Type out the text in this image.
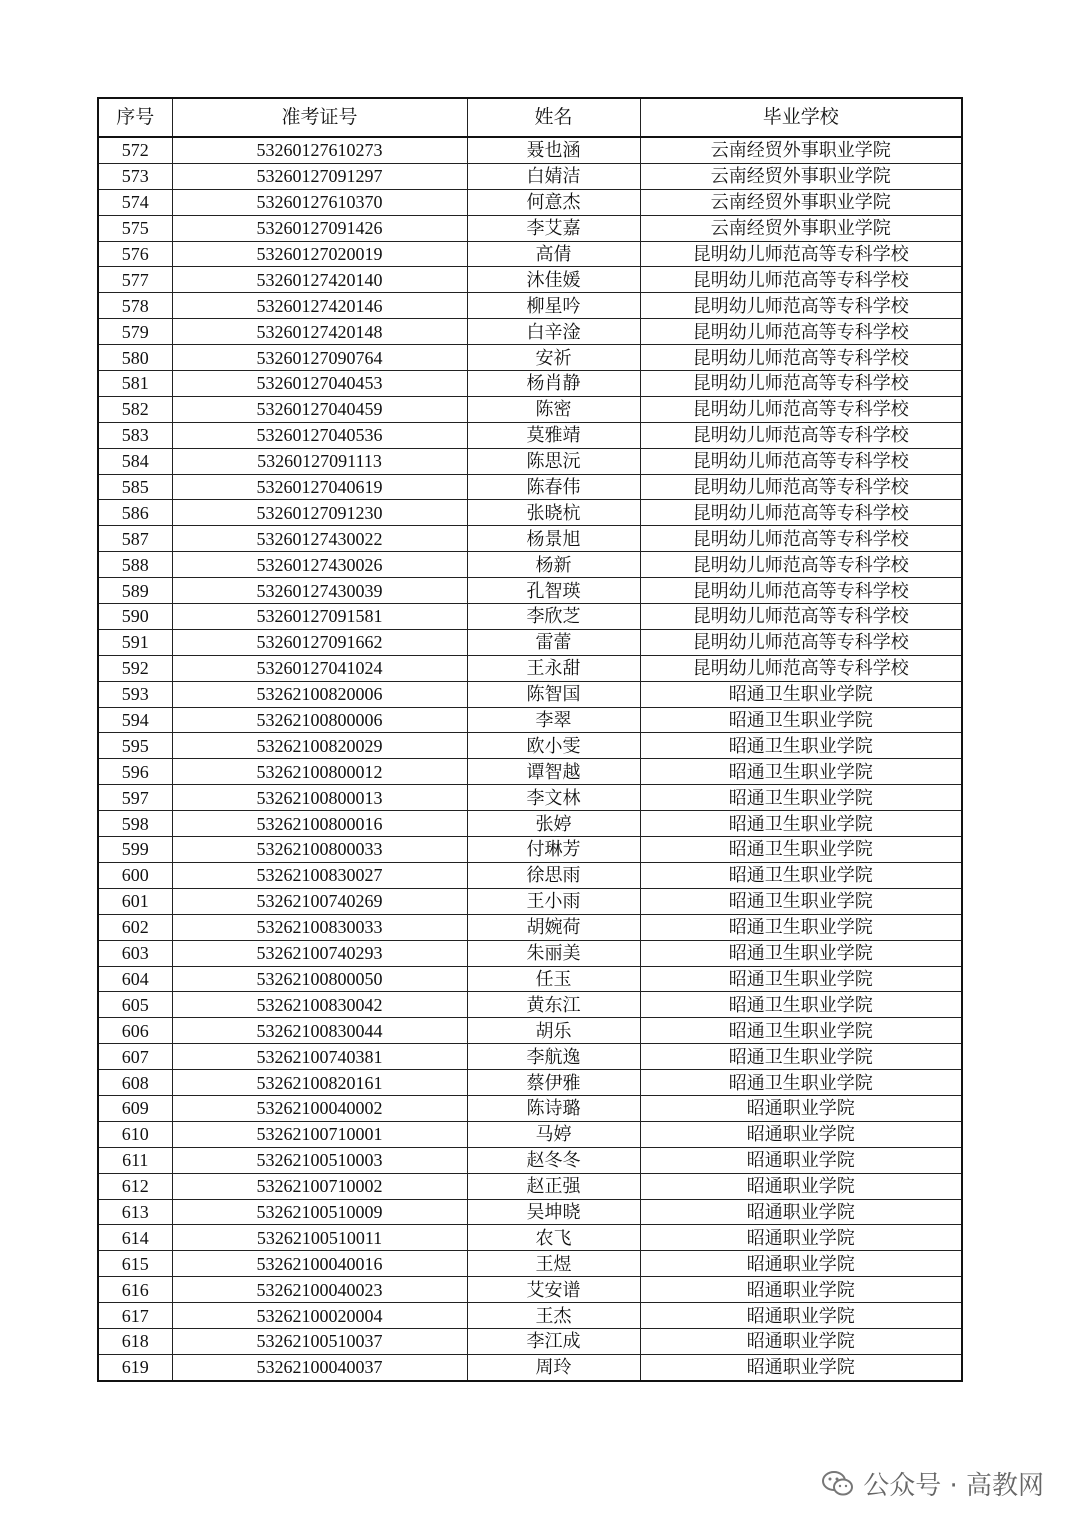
序号	准考证号	姓名	毕业学校
572	53260127610273	聂也涵	云南经贸外事职业学院
573	53260127091297	白婧洁	云南经贸外事职业学院
574	53260127610370	何意杰	云南经贸外事职业学院
575	53260127091426	李艾嘉	云南经贸外事职业学院
576	53260127020019	高倩	昆明幼儿师范高等专科学校
577	53260127420140	沐佳媛	昆明幼儿师范高等专科学校
578	53260127420146	柳星吟	昆明幼儿师范高等专科学校
579	53260127420148	白辛淦	昆明幼儿师范高等专科学校
580	53260127090764	安祈	昆明幼儿师范高等专科学校
581	53260127040453	杨肖静	昆明幼儿师范高等专科学校
582	53260127040459	陈密	昆明幼儿师范高等专科学校
583	53260127040536	莫雅靖	昆明幼儿师范高等专科学校
584	53260127091113	陈思沅	昆明幼儿师范高等专科学校
585	53260127040619	陈春伟	昆明幼儿师范高等专科学校
586	53260127091230	张晓杭	昆明幼儿师范高等专科学校
587	53260127430022	杨景旭	昆明幼儿师范高等专科学校
588	53260127430026	杨新	昆明幼儿师范高等专科学校
589	53260127430039	孔智瑛	昆明幼儿师范高等专科学校
590	53260127091581	李欣芝	昆明幼儿师范高等专科学校
591	53260127091662	雷蕾	昆明幼儿师范高等专科学校
592	53260127041024	王永甜	昆明幼儿师范高等专科学校
593	53262100820006	陈智国	昭通卫生职业学院
594	53262100800006	李翠	昭通卫生职业学院
595	53262100820029	欧小雯	昭通卫生职业学院
596	53262100800012	谭智越	昭通卫生职业学院
597	53262100800013	李文林	昭通卫生职业学院
598	53262100800016	张婷	昭通卫生职业学院
599	53262100800033	付琳芳	昭通卫生职业学院
600	53262100830027	徐思雨	昭通卫生职业学院
601	53262100740269	王小雨	昭通卫生职业学院
602	53262100830033	胡婉荷	昭通卫生职业学院
603	53262100740293	朱丽美	昭通卫生职业学院
604	53262100800050	任玉	昭通卫生职业学院
605	53262100830042	黄东江	昭通卫生职业学院
606	53262100830044	胡乐	昭通卫生职业学院
607	53262100740381	李航逸	昭通卫生职业学院
608	53262100820161	蔡伊雅	昭通卫生职业学院
609	53262100040002	陈诗璐	昭通职业学院
610	53262100710001	马婷	昭通职业学院
611	53262100510003	赵冬冬	昭通职业学院
612	53262100710002	赵正强	昭通职业学院
613	53262100510009	吴坤晓	昭通职业学院
614	53262100510011	农飞	昭通职业学院
615	53262100040016	王煜	昭通职业学院
616	53262100040023	艾安谱	昭通职业学院
617	53262100020004	王杰	昭通职业学院
618	53262100510037	李江成	昭通职业学院
619	53262100040037	周玲	昭通职业学院
公众号 · 高教网
